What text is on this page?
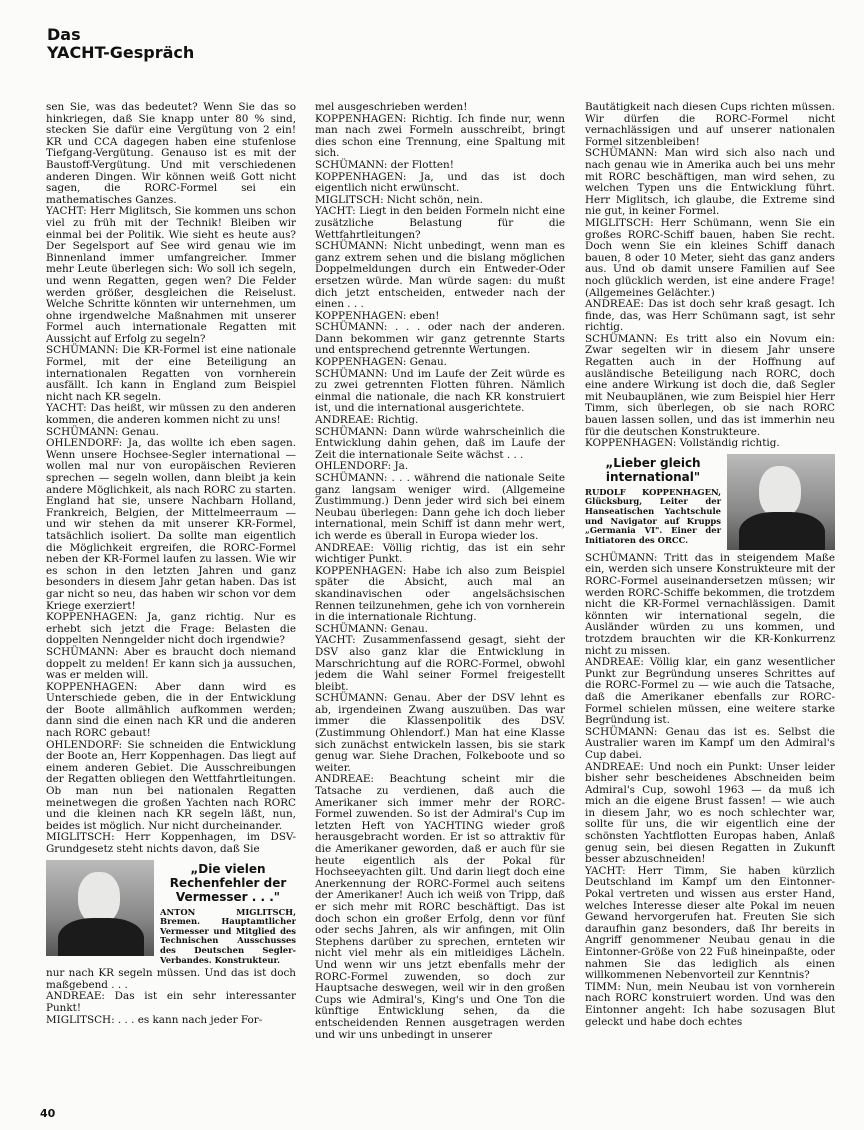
Das
YACHT-Gespräch

sen Sie, was das bedeutet? Wenn Sie das so hinkriegen, daß Sie knapp unter 80 % sind, stecken Sie dafür eine Vergütung von 2 ein! KR und CCA dagegen haben eine stufenlose Tiefgang-Vergütung. Genauso ist es mit der Baustoff-Vergütung. Und mit verschiedenen anderen Dingen. Wir können weiß Gott nicht sagen, die RORC-Formel sei ein mathematisches Ganzes.

YACHT: Herr Miglitsch, Sie kommen uns schon viel zu früh mit der Technik! Bleiben wir einmal bei der Politik. Wie sieht es heute aus? Der Segelsport auf See wird genau wie im Binnenland immer umfangreicher. Immer mehr Leute überlegen sich: Wo soll ich segeln, und wenn Regatten, gegen wen? Die Felder werden größer, desgleichen die Reiselust. Welche Schritte könnten wir unternehmen, um ohne irgendwelche Maßnahmen mit unserer Formel auch internationale Regatten mit Aussicht auf Erfolg zu segeln?

SCHÜMANN: Die KR-Formel ist eine nationale Formel, mit der eine Beteiligung an internationalen Regatten von vornherein ausfällt. Ich kann in England zum Beispiel nicht nach KR segeln.

YACHT: Das heißt, wir müssen zu den anderen kommen, die anderen kommen nicht zu uns!

SCHÜMANN: Genau.

OHLENDORF: Ja, das wollte ich eben sagen. Wenn unsere Hochsee-Segler international — wollen mal nur von europäischen Revieren sprechen — segeln wollen, dann bleibt ja kein andere Möglichkeit, als nach RORC zu starten. England hat sie, unsere Nachbarn Holland, Frankreich, Belgien, der Mittelmeerraum — und wir stehen da mit unserer KR-Formel, tatsächlich isoliert. Da sollte man eigentlich die Möglichkeit ergreifen, die RORC-Formel neben der KR-Formel laufen zu lassen. Wie wir es schon in den letzten Jahren und ganz besonders in diesem Jahr getan haben. Das ist gar nicht so neu, das haben wir schon vor dem Kriege exerziert!

KOPPENHAGEN: Ja, ganz richtig. Nur es erhebt sich jetzt die Frage: Belasten die doppelten Nenngelder nicht doch irgendwie?

SCHÜMANN: Aber es braucht doch niemand doppelt zu melden! Er kann sich ja aussuchen, was er melden will.

KOPPENHAGEN: Aber dann wird es Unterschiede geben, die in der Entwicklung der Boote allmählich aufkommen werden; dann sind die einen nach KR und die anderen nach RORC gebaut!

OHLENDORF: Sie schneiden die Entwicklung der Boote an, Herr Koppenhagen. Das liegt auf einem anderen Gebiet. Die Ausschreibungen der Regatten obliegen den Wettfahrtleitungen. Ob man nun bei nationalen Regatten meinetwegen die großen Yachten nach RORC und die kleinen nach KR segeln läßt, nun, beides ist möglich. Nur nicht durcheinander.

MIGLITSCH: Herr Koppenhagen, im DSV-Grundgesetz steht nichts davon, daß Sie

„Die vielen Rechenfehler der Vermesser . . ."
ANTON MIGLITSCH, Bremen. Hauptamtlicher Vermesser und Mitglied des Technischen Ausschusses des Deutschen Segler-Verbandes. Konstrukteur.

nur nach KR segeln müssen. Und das ist doch maßgebend . . .

ANDREAE: Das ist ein sehr interessanter Punkt!

MIGLITSCH: . . . es kann nach jeder For-

mel ausgeschrieben werden!

KOPPENHAGEN: Richtig. Ich finde nur, wenn man nach zwei Formeln ausschreibt, bringt dies schon eine Trennung, eine Spaltung mit sich.

SCHÜMANN: der Flotten!

KOPPENHAGEN: Ja, und das ist doch eigentlich nicht erwünscht.

MIGLITSCH: Nicht schön, nein.

YACHT: Liegt in den beiden Formeln nicht eine zusätzliche Belastung für die Wettfahrtleitungen?

SCHÜMANN: Nicht unbedingt, wenn man es ganz extrem sehen und die bislang möglichen Doppelmeldungen durch ein Entweder-Oder ersetzen würde. Man würde sagen: du mußt dich jetzt entscheiden, entweder nach der einen . . .

KOPPENHAGEN: eben!

SCHÜMANN: . . . oder nach der anderen. Dann bekommen wir ganz getrennte Starts und entsprechend getrennte Wertungen.

KOPPENHAGEN: Genau.

SCHÜMANN: Und im Laufe der Zeit würde es zu zwei getrennten Flotten führen. Nämlich einmal die nationale, die nach KR konstruiert ist, und die international ausgerichtete.

ANDREAE: Richtig.

SCHÜMANN: Dann würde wahrscheinlich die Entwicklung dahin gehen, daß im Laufe der Zeit die internationale Seite wächst . . .

OHLENDORF: Ja.

SCHÜMANN: . . . während die nationale Seite ganz langsam weniger wird. (Allgemeine Zustimmung.) Denn jeder wird sich bei einem Neubau überlegen: Dann gehe ich doch lieber international, mein Schiff ist dann mehr wert, ich werde es überall in Europa wieder los.

ANDREAE: Völlig richtig, das ist ein sehr wichtiger Punkt.

KOPPENHAGEN: Habe ich also zum Beispiel später die Absicht, auch mal an skandinavischen oder angelsächsischen Rennen teilzunehmen, gehe ich von vornherein in die internationale Richtung.

SCHÜMANN: Genau.

YACHT: Zusammenfassend gesagt, sieht der DSV also ganz klar die Entwicklung in Marschrichtung auf die RORC-Formel, obwohl jedem die Wahl seiner Formel freigestellt bleibt.

SCHÜMANN: Genau. Aber der DSV lehnt es ab, irgendeinen Zwang auszuüben. Das war immer die Klassenpolitik des DSV. (Zustimmung Ohlendorf.) Man hat eine Klasse sich zunächst entwickeln lassen, bis sie stark genug war. Siehe Drachen, Folkeboote und so weiter.

ANDREAE: Beachtung scheint mir die Tatsache zu verdienen, daß auch die Amerikaner sich immer mehr der RORC-Formel zuwenden. So ist der Admiral's Cup im letzten Heft von YACHTING wieder groß herausgebracht worden. Er ist so attraktiv für die Amerikaner geworden, daß er auch für sie heute eigentlich als der Pokal für Hochseeyachten gilt. Und darin liegt doch eine Anerkennung der RORC-Formel auch seitens der Amerikaner! Auch ich weiß von Tripp, daß er sich mehr mit RORC beschäftigt. Das ist doch schon ein großer Erfolg, denn vor fünf oder sechs Jahren, als wir anfingen, mit Olin Stephens darüber zu sprechen, ernteten wir nicht viel mehr als ein mitleidiges Lächeln. Und wenn wir uns jetzt ebenfalls mehr der RORC-Formel zuwenden, so doch zur Hauptsache deswegen, weil wir in den großen Cups wie Admiral's, King's und One Ton die künftige Entwicklung sehen, da die entscheidenden Rennen ausgetragen werden und wir uns unbedingt in unserer

Bautätigkeit nach diesen Cups richten müssen. Wir dürfen die RORC-Formel nicht vernachlässigen und auf unserer nationalen Formel sitzenbleiben!

SCHÜMANN: Man wird sich also nach und nach genau wie in Amerika auch bei uns mehr mit RORC beschäftigen, man wird sehen, zu welchen Typen uns die Entwicklung führt. Herr Miglitsch, ich glaube, die Extreme sind nie gut, in keiner Formel.

MIGLITSCH: Herr Schümann, wenn Sie ein großes RORC-Schiff bauen, haben Sie recht. Doch wenn Sie ein kleines Schiff danach bauen, 8 oder 10 Meter, sieht das ganz anders aus. Und ob damit unsere Familien auf See noch glücklich werden, ist eine andere Frage! (Allgemeines Gelächter.)

ANDREAE: Das ist doch sehr kraß gesagt. Ich finde, das, was Herr Schümann sagt, ist sehr richtig.

SCHÜMANN: Es tritt also ein Novum ein: Zwar segelten wir in diesem Jahr unsere Regatten auch in der Hoffnung auf ausländische Beteiligung nach RORC, doch eine andere Wirkung ist doch die, daß Segler mit Neubauplänen, wie zum Beispiel hier Herr Timm, sich überlegen, ob sie nach RORC bauen lassen sollen, und das ist immerhin neu für die deutschen Konstrukteure.

KOPPENHAGEN: Vollständig richtig.

„Lieber gleich international"
RUDOLF KOPPENHAGEN, Glücksburg, Leiter der Hanseatischen Yachtschule und Navigator auf Krupps „Germania VI". Einer der Initiatoren des ORCC.

SCHÜMANN: Tritt das in steigendem Maße ein, werden sich unsere Konstrukteure mit der RORC-Formel auseinandersetzen müssen; wir werden RORC-Schiffe bekommen, die trotzdem nicht die KR-Formel vernachlässigen. Damit könnten wir international segeln, die Ausländer würden zu uns kommen, und trotzdem brauchten wir die KR-Konkurrenz nicht zu missen.

ANDREAE: Völlig klar, ein ganz wesentlicher Punkt zur Begründung unseres Schrittes auf die RORC-Formel zu — wie auch die Tatsache, daß die Amerikaner ebenfalls zur RORC-Formel schielen müssen, eine weitere starke Begründung ist.

SCHÜMANN: Genau das ist es. Selbst die Australier waren im Kampf um den Admiral's Cup dabei.

ANDREAE: Und noch ein Punkt: Unser leider bisher sehr bescheidenes Abschneiden beim Admiral's Cup, sowohl 1963 — da muß ich mich an die eigene Brust fassen! — wie auch in diesem Jahr, wo es noch schlechter war, sollte für uns, die wir eigentlich eine der schönsten Yachtflotten Europas haben, Anlaß genug sein, bei diesen Regatten in Zukunft besser abzuschneiden!

YACHT: Herr Timm, Sie haben kürzlich Deutschland im Kampf um den Eintonner-Pokal vertreten und wissen aus erster Hand, welches Interesse dieser alte Pokal im neuen Gewand hervorgerufen hat. Freuten Sie sich daraufhin ganz besonders, daß Ihr bereits in Angriff genommener Neubau genau in die Eintonner-Größe von 22 Fuß hineinpaßte, oder nahmen Sie das lediglich als einen willkommenen Nebenvorteil zur Kenntnis?

TIMM: Nun, mein Neubau ist von vornherein nach RORC konstruiert worden. Und was den Eintonner angeht: Ich habe sozusagen Blut geleckt und habe doch echtes

40
